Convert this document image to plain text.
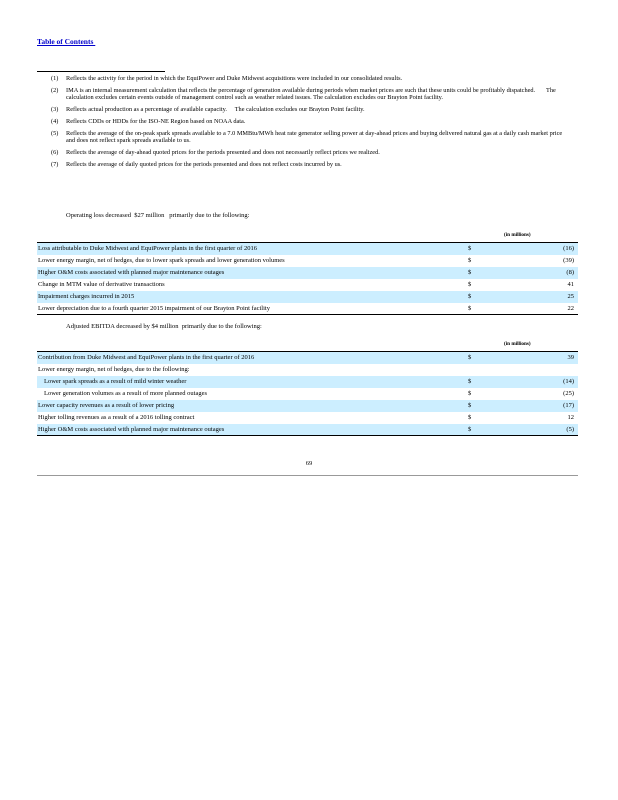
Table of Contents
(1)	Reflects the activity for the period in which the EquiPower and Duke Midwest acquisitions were included in our consolidated results.
(2)	IMA is an internal measurement calculation that reflects the percentage of generation available during periods when market prices are such that these units could be profitably dispatched.       The calculation excludes certain events outside of management control such as weather related issues. The calculation excludes our Brayton Point facility.
(3)	Reflects actual production as a percentage of available capacity.     The calculation excludes our Brayton Point facility.
(4)	Reflects CDDs or HDDs for the ISO-NE Region based on NOAA data.
(5)	Reflects the average of the on-peak spark spreads available to a 7.0 MMBtu/MWh heat rate generator selling power at day-ahead prices and buying delivered natural gas at a daily cash market price and does not reflect spark spreads available to us.
(6)	Reflects the average of day-ahead quoted prices for the periods presented and does not necessarily reflect prices we realized.
(7)	Reflects the average of daily quoted prices for the periods presented and does not reflect costs incurred by us.
Operating loss decreased  $27 million   primarily due to the following:
(in millions)
Loss attributable to Duke Midwest and EquiPower plants in the first quarter of 2016	$	(16)
Lower energy margin, net of hedges, due to lower spark spreads and lower generation volumes	$	(39)
Higher O&M costs associated with planned major maintenance outages	$	(8)
Change in MTM value of derivative transactions	$	41
Impairment charges incurred in 2015	$	25
Lower depreciation due to a fourth quarter 2015 impairment of our Brayton Point facility	$	22
Adjusted EBITDA decreased by $4 million  primarily due to the following:
(in millions)
Contribution from Duke Midwest and EquiPower plants in the first quarter of 2016	$	39
Lower energy margin, net of hedges, due to the following:		
Lower spark spreads as a result of mild winter weather	$	(14)
Lower generation volumes as a result of more planned outages	$	(25)
Lower capacity revenues as a result of lower pricing	$	(17)
Higher tolling revenues as a result of a 2016 tolling contract	$	12
Higher O&M costs associated with planned major maintenance outages	$	(5)
69
